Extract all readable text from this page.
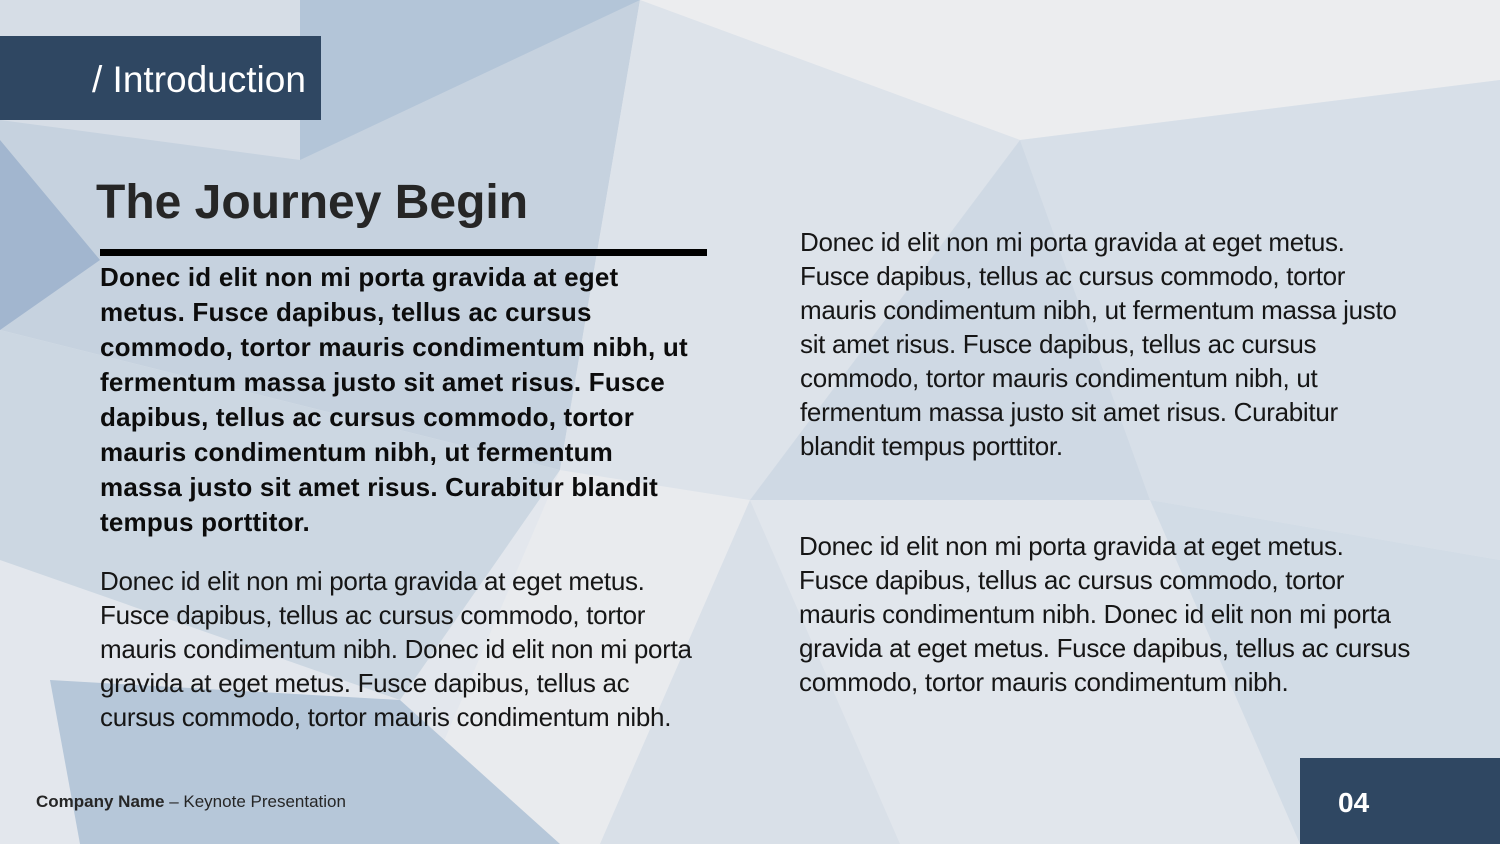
/ Introduction
The Journey Begin

Donec id elit non mi porta gravida at eget metus. Fusce dapibus, tellus ac cursus commodo, tortor mauris condimentum nibh, ut fermentum massa justo sit amet risus. Fusce dapibus, tellus ac cursus commodo, tortor mauris condimentum nibh, ut fermentum massa justo sit amet risus. Curabitur blandit tempus porttitor.

Donec id elit non mi porta gravida at eget metus. Fusce dapibus, tellus ac cursus commodo, tortor mauris condimentum nibh. Donec id elit non mi porta gravida at eget metus. Fusce dapibus, tellus ac cursus commodo, tortor mauris condimentum nibh.

Donec id elit non mi porta gravida at eget metus. Fusce dapibus, tellus ac cursus commodo, tortor mauris condimentum nibh, ut fermentum massa justo sit amet risus. Fusce dapibus, tellus ac cursus commodo, tortor mauris condimentum nibh, ut fermentum massa justo sit amet risus. Curabitur blandit tempus porttitor.

Donec id elit non mi porta gravida at eget metus. Fusce dapibus, tellus ac cursus commodo, tortor mauris condimentum nibh. Donec id elit non mi porta gravida at eget metus. Fusce dapibus, tellus ac cursus commodo, tortor mauris condimentum nibh.

Company Name – Keynote Presentation	04
